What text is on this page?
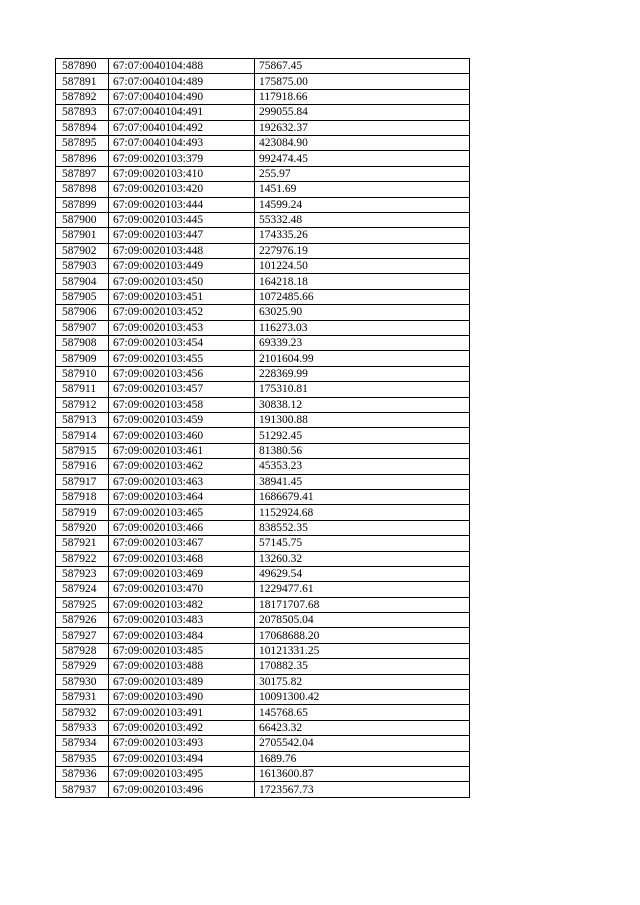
587890	67:07:0040104:488	75867.45
587891	67:07:0040104:489	175875.00
587892	67:07:0040104:490	117918.66
587893	67:07:0040104:491	299055.84
587894	67:07:0040104:492	192632.37
587895	67:07:0040104:493	423084.90
587896	67:09:0020103:379	992474.45
587897	67:09:0020103:410	255.97
587898	67:09:0020103:420	1451.69
587899	67:09:0020103:444	14599.24
587900	67:09:0020103:445	55332.48
587901	67:09:0020103:447	174335.26
587902	67:09:0020103:448	227976.19
587903	67:09:0020103:449	101224.50
587904	67:09:0020103:450	164218.18
587905	67:09:0020103:451	1072485.66
587906	67:09:0020103:452	63025.90
587907	67:09:0020103:453	116273.03
587908	67:09:0020103:454	69339.23
587909	67:09:0020103:455	2101604.99
587910	67:09:0020103:456	228369.99
587911	67:09:0020103:457	175310.81
587912	67:09:0020103:458	30838.12
587913	67:09:0020103:459	191300.88
587914	67:09:0020103:460	51292.45
587915	67:09:0020103:461	81380.56
587916	67:09:0020103:462	45353.23
587917	67:09:0020103:463	38941.45
587918	67:09:0020103:464	1686679.41
587919	67:09:0020103:465	1152924.68
587920	67:09:0020103:466	838552.35
587921	67:09:0020103:467	57145.75
587922	67:09:0020103:468	13260.32
587923	67:09:0020103:469	49629.54
587924	67:09:0020103:470	1229477.61
587925	67:09:0020103:482	18171707.68
587926	67:09:0020103:483	2078505.04
587927	67:09:0020103:484	17068688.20
587928	67:09:0020103:485	10121331.25
587929	67:09:0020103:488	170882.35
587930	67:09:0020103:489	30175.82
587931	67:09:0020103:490	10091300.42
587932	67:09:0020103:491	145768.65
587933	67:09:0020103:492	66423.32
587934	67:09:0020103:493	2705542.04
587935	67:09:0020103:494	1689.76
587936	67:09:0020103:495	1613600.87
587937	67:09:0020103:496	1723567.73
